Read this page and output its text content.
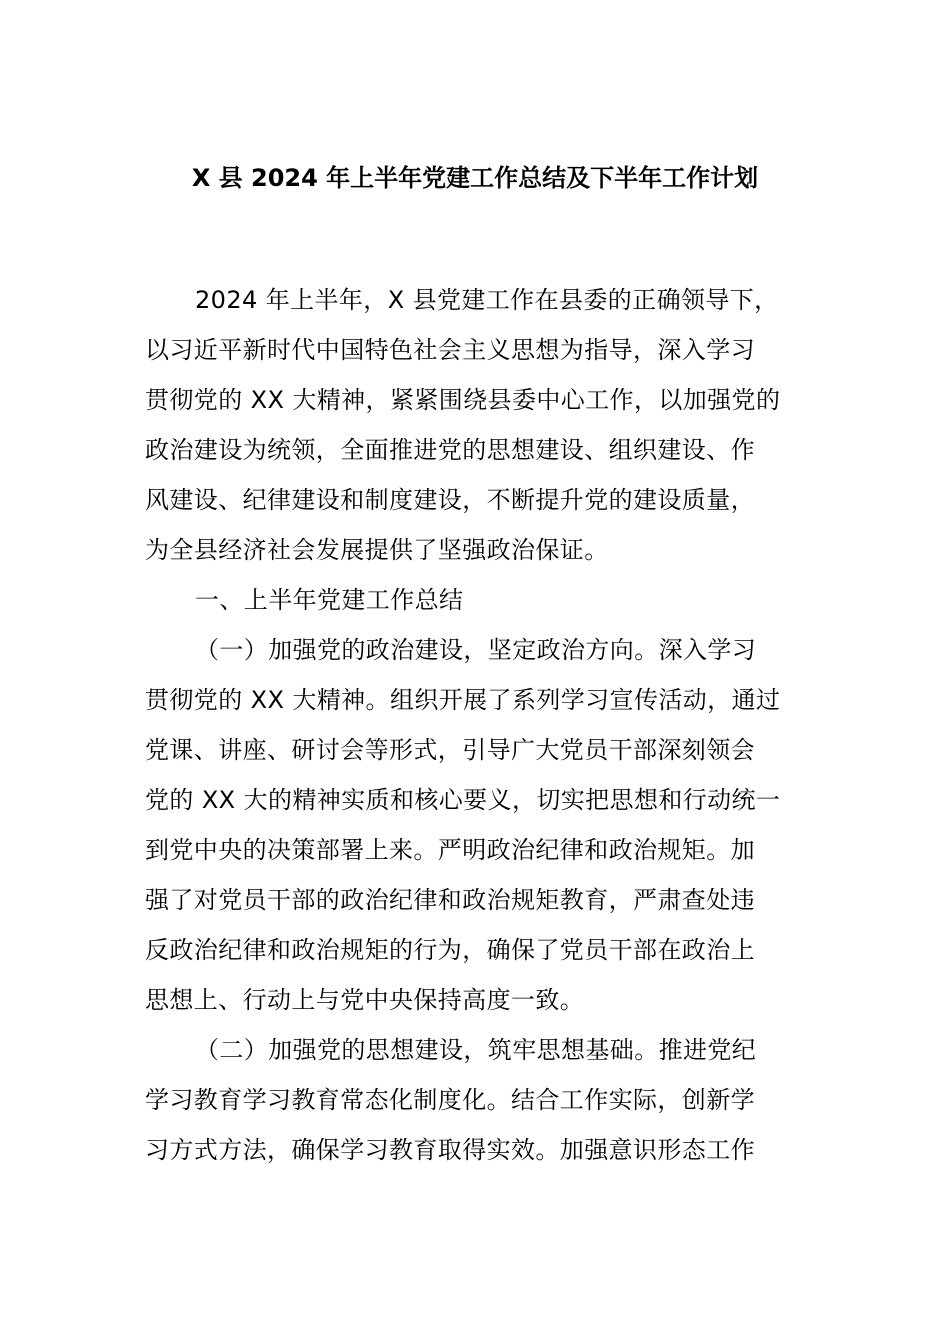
X 县 2024 年上半年党建工作总结及下半年工作计划
2024 年上半年，X 县党建工作在县委的正确领导下，
以习近平新时代中国特色社会主义思想为指导，深入学习
贯彻党的 XX 大精神，紧紧围绕县委中心工作，以加强党的
政治建设为统领，全面推进党的思想建设、组织建设、作
风建设、纪律建设和制度建设，不断提升党的建设质量，
为全县经济社会发展提供了坚强政治保证。
一、上半年党建工作总结
（一）加强党的政治建设，坚定政治方向。深入学习
贯彻党的 XX 大精神。组织开展了系列学习宣传活动，通过
党课、讲座、研讨会等形式，引导广大党员干部深刻领会
党的 XX 大的精神实质和核心要义，切实把思想和行动统一
到党中央的决策部署上来。严明政治纪律和政治规矩。加
强了对党员干部的政治纪律和政治规矩教育，严肃查处违
反政治纪律和政治规矩的行为，确保了党员干部在政治上
思想上、行动上与党中央保持高度一致。
（二）加强党的思想建设，筑牢思想基础。推进党纪
学习教育学习教育常态化制度化。结合工作实际，创新学
习方式方法，确保学习教育取得实效。加强意识形态工作
